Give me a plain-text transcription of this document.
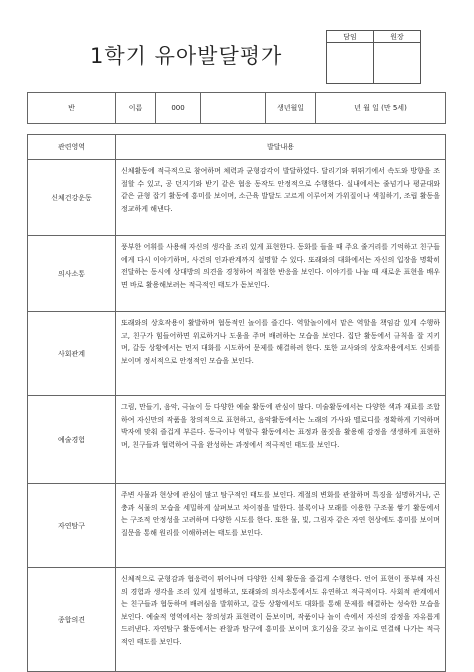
1학기 유아발달평가
담임	원장

반	이름	000		생년월일	년 월 일 (만 5세)

관련영역	발달내용				
신체건강운동	신체활동에 적극적으로 참여하며 체력과 균형감각이 발달하였다. 달리기와 뛰뛰기에서 속도와 방향을 조절할 수 있고, 공 던지기와 받기 같은 협응 동작도 안정적으로 수행한다. 실내에서는 줄넘기나 평균대와 같은 균형 잡기 활동에 흥미를 보이며, 소근육 발달도 고르게 이루어져 가위질이나 색칠하기, 조립 활동을 정교하게 해낸다.				

의사소통	풍부한 어휘를 사용해 자신의 생각을 조리 있게 표현한다. 동화를 들을 때 주요 줄거리를 기억하고 친구들에게 다시 이야기하며, 사건의 인과관계까지 설명할 수 있다. 또래와의 대화에서는 자신의 입장을 명확히 전달하는 동시에 상대방의 의견을 경청하여 적절한 반응을 보인다. 이야기를 나눌 때 새로운 표현을 배우면 바로 활용해보려는 적극적인 태도가 돋보인다.				

사회관계	또래와의 상호작용이 활발하며 협동적인 놀이를 즐긴다. 역할놀이에서 맡은 역할을 책임감 있게 수행하고, 친구가 힘들어하면 위로하거나 도움을 주며 배려하는 모습을 보인다. 집단 활동에서 규칙을 잘 지키며, 갈등 상황에서는 먼저 대화를 시도하여 문제를 해결하려 한다. 또한 교사와의 상호작용에서도 신뢰를 보이며 정서적으로 안정적인 모습을 보인다.				

예술경험	그림, 만들기, 음악, 극놀이 등 다양한 예술 활동에 관심이 많다. 미술활동에서는 다양한 색과 재료를 조합하여 자신만의 작품을 창의적으로 표현하고, 음악활동에서는 노래의 가사와 멜로디를 정확하게 기억하며 박자에 맞춰 즐겁게 부른다. 동극이나 역할극 활동에서는 표정과 몸짓을 활용해 감정을 생생하게 표현하며, 친구들과 협력하여 극을 완성하는 과정에서 적극적인 태도를 보인다.				

자연탐구	주변 사물과 현상에 관심이 많고 탐구적인 태도를 보인다. 계절의 변화를 관찰하며 특징을 설명하거나, 곤충과 식물의 모습을 세밀하게 살펴보고 차이점을 말한다. 블록이나 모래를 이용한 구조물 쌓기 활동에서는 구조적 안정성을 고려하며 다양한 시도를 한다. 또한 물, 빛, 그림자 같은 자연 현상에도 흥미를 보이며 질문을 통해 원리를 이해하려는 태도를 보인다.				

종합의견	신체적으로 균형감과 협응력이 뛰어나며 다양한 신체 활동을 즐겁게 수행한다. 언어 표현이 풍부해 자신의 경험과 생각을 조리 있게 설명하고, 또래와의 의사소통에서도 유연하고 적극적이다. 사회적 관계에서는 친구들과 협동하며 배려심을 발휘하고, 갈등 상황에서도 대화를 통해 문제를 해결하는 성숙한 모습을 보인다. 예술적 영역에서는 창의성과 표현력이 돋보이며, 작품이나 놀이 속에서 자신의 감정을 자유롭게 드러낸다. 자연탐구 활동에서는 관찰과 탐구에 흥미를 보이며 호기심을 갖고 놀이로 연결해 나가는 적극적인 태도를 보인다.				
